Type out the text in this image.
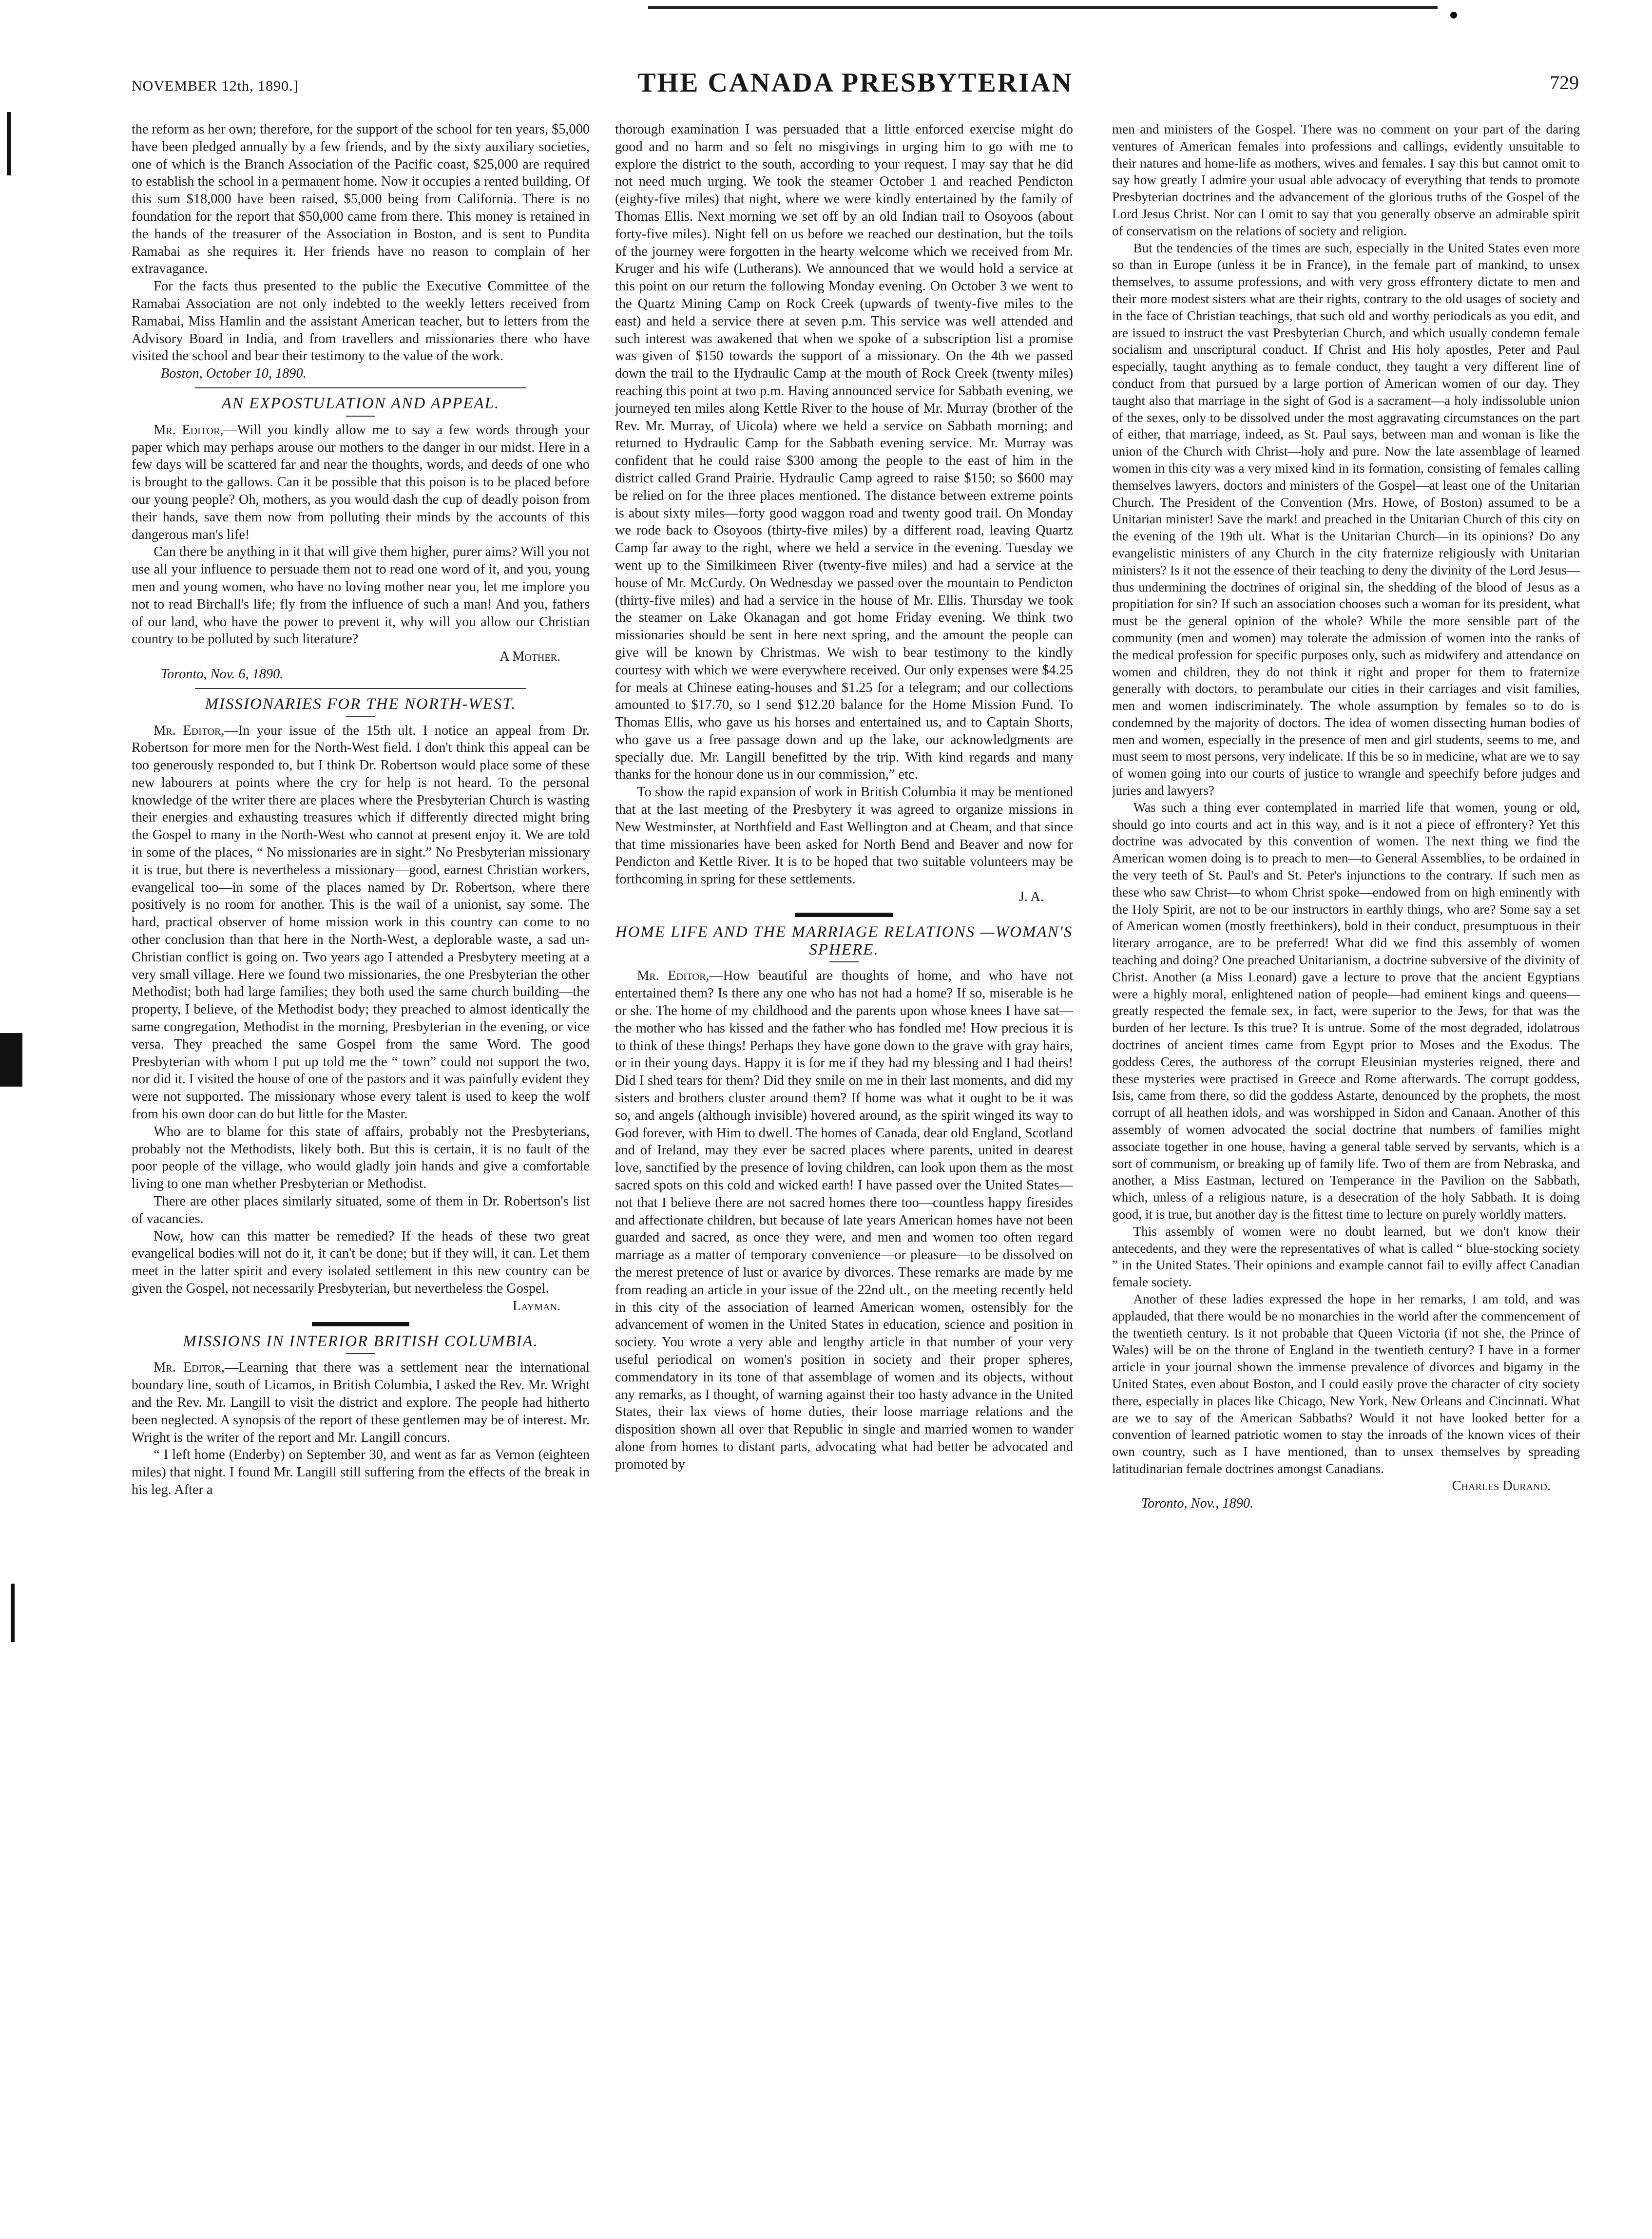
NOVEMBER 12th, 1890.]	THE CANADA PRESBYTERIAN	729

the reform as her own; therefore, for the support of the school for ten years, $5,000 have been pledged annually by a few friends, and by the sixty auxiliary societies, one of which is the Branch Association of the Pacific coast, $25,000 are required to establish the school in a permanent home. Now it occupies a rented building. Of this sum $18,000 have been raised, $5,000 being from California. There is no foundation for the report that $50,000 came from there. This money is retained in the hands of the treasurer of the Association in Boston, and is sent to Pundita Ramabai as she requires it. Her friends have no reason to complain of her extravagance.

For the facts thus presented to the public the Executive Committee of the Ramabai Association are not only indebted to the weekly letters received from Ramabai, Miss Hamlin and the assistant American teacher, but to letters from the Advisory Board in India, and from travellers and missionaries there who have visited the school and bear their testimony to the value of the work.

Boston, October 10, 1890.

AN EXPOSTULATION AND APPEAL.

Mr. Editor,—Will you kindly allow me to say a few words through your paper which may perhaps arouse our mothers to the danger in our midst. Here in a few days will be scattered far and near the thoughts, words, and deeds of one who is brought to the gallows. Can it be possible that this poison is to be placed before our young people? Oh, mothers, as you would dash the cup of deadly poison from their hands, save them now from polluting their minds by the accounts of this dangerous man's life!

Can there be anything in it that will give them higher, purer aims? Will you not use all your influence to persuade them not to read one word of it, and you, young men and young women, who have no loving mother near you, let me implore you not to read Birchall's life; fly from the influence of such a man! And you, fathers of our land, who have the power to prevent it, why will you allow our Christian country to be polluted by such literature?

A Mother.

Toronto, Nov. 6, 1890.

MISSIONARIES FOR THE NORTH-WEST.

Mr. Editor,—In your issue of the 15th ult. I notice an appeal from Dr. Robertson for more men for the North-West field. I don't think this appeal can be too generously responded to, but I think Dr. Robertson would place some of these new labourers at points where the cry for help is not heard. To the personal knowledge of the writer there are places where the Presbyterian Church is wasting their energies and exhausting treasures which if differently directed might bring the Gospel to many in the North-West who cannot at present enjoy it. We are told in some of the places, “ No missionaries are in sight.” No Presbyterian missionary it is true, but there is nevertheless a missionary—good, earnest Christian workers, evangelical too—in some of the places named by Dr. Robertson, where there positively is no room for another. This is the wail of a unionist, say some. The hard, practical observer of home mission work in this country can come to no other conclusion than that here in the North-West, a deplorable waste, a sad un-Christian conflict is going on. Two years ago I attended a Presbytery meeting at a very small village. Here we found two missionaries, the one Presbyterian the other Methodist; both had large families; they both used the same church building—the property, I believe, of the Methodist body; they preached to almost identically the same congregation, Methodist in the morning, Presbyterian in the evening, or vice versa. They preached the same Gospel from the same Word. The good Presbyterian with whom I put up told me the “ town” could not support the two, nor did it. I visited the house of one of the pastors and it was painfully evident they were not supported. The missionary whose every talent is used to keep the wolf from his own door can do but little for the Master.

Who are to blame for this state of affairs, probably not the Presbyterians, probably not the Methodists, likely both. But this is certain, it is no fault of the poor people of the village, who would gladly join hands and give a comfortable living to one man whether Presbyterian or Methodist.

There are other places similarly situated, some of them in Dr. Robertson's list of vacancies.

Now, how can this matter be remedied? If the heads of these two great evangelical bodies will not do it, it can't be done; but if they will, it can. Let them meet in the latter spirit and every isolated settlement in this new country can be given the Gospel, not necessarily Presbyterian, but nevertheless the Gospel.

Layman.

MISSIONS IN INTERIOR BRITISH COLUMBIA.

Mr. Editor,—Learning that there was a settlement near the international boundary line, south of Licamos, in British Columbia, I asked the Rev. Mr. Wright and the Rev. Mr. Langill to visit the district and explore. The people had hitherto been neglected. A synopsis of the report of these gentlemen may be of interest. Mr. Wright is the writer of the report and Mr. Langill concurs.

“ I left home (Enderby) on September 30, and went as far as Vernon (eighteen miles) that night. I found Mr. Langill still suffering from the effects of the break in his leg. After a

thorough examination I was persuaded that a little enforced exercise might do good and no harm and so felt no misgivings in urging him to go with me to explore the district to the south, according to your request. I may say that he did not need much urging. We took the steamer October 1 and reached Pendicton (eighty-five miles) that night, where we were kindly entertained by the family of Thomas Ellis. Next morning we set off by an old Indian trail to Osoyoos (about forty-five miles). Night fell on us before we reached our destination, but the toils of the journey were forgotten in the hearty welcome which we received from Mr. Kruger and his wife (Lutherans). We announced that we would hold a service at this point on our return the following Monday evening. On October 3 we went to the Quartz Mining Camp on Rock Creek (upwards of twenty-five miles to the east) and held a service there at seven p.m. This service was well attended and such interest was awakened that when we spoke of a subscription list a promise was given of $150 towards the support of a missionary. On the 4th we passed down the trail to the Hydraulic Camp at the mouth of Rock Creek (twenty miles) reaching this point at two p.m. Having announced service for Sabbath evening, we journeyed ten miles along Kettle River to the house of Mr. Murray (brother of the Rev. Mr. Murray, of Uicola) where we held a service on Sabbath morning; and returned to Hydraulic Camp for the Sabbath evening service. Mr. Murray was confident that he could raise $300 among the people to the east of him in the district called Grand Prairie. Hydraulic Camp agreed to raise $150; so $600 may be relied on for the three places mentioned. The distance between extreme points is about sixty miles—forty good waggon road and twenty good trail. On Monday we rode back to Osoyoos (thirty-five miles) by a different road, leaving Quartz Camp far away to the right, where we held a service in the evening. Tuesday we went up to the Similkimeen River (twenty-five miles) and had a service at the house of Mr. McCurdy. On Wednesday we passed over the mountain to Pendicton (thirty-five miles) and had a service in the house of Mr. Ellis. Thursday we took the steamer on Lake Okanagan and got home Friday evening. We think two missionaries should be sent in here next spring, and the amount the people can give will be known by Christmas. We wish to bear testimony to the kindly courtesy with which we were everywhere received. Our only expenses were $4.25 for meals at Chinese eating-houses and $1.25 for a telegram; and our collections amounted to $17.70, so I send $12.20 balance for the Home Mission Fund. To Thomas Ellis, who gave us his horses and entertained us, and to Captain Shorts, who gave us a free passage down and up the lake, our acknowledgments are specially due. Mr. Langill benefitted by the trip. With kind regards and many thanks for the honour done us in our commission,” etc.

To show the rapid expansion of work in British Columbia it may be mentioned that at the last meeting of the Presbytery it was agreed to organize missions in New Westminster, at Northfield and East Wellington and at Cheam, and that since that time missionaries have been asked for North Bend and Beaver and now for Pendicton and Kettle River. It is to be hoped that two suitable volunteers may be forthcoming in spring for these settlements.

J. A.

HOME LIFE AND THE MARRIAGE RELATIONS —WOMAN'S SPHERE.

Mr. Editor,—How beautiful are thoughts of home, and who have not entertained them? Is there any one who has not had a home? If so, miserable is he or she. The home of my childhood and the parents upon whose knees I have sat—the mother who has kissed and the father who has fondled me! How precious it is to think of these things! Perhaps they have gone down to the grave with gray hairs, or in their young days. Happy it is for me if they had my blessing and I had theirs! Did I shed tears for them? Did they smile on me in their last moments, and did my sisters and brothers cluster around them? If home was what it ought to be it was so, and angels (although invisible) hovered around, as the spirit winged its way to God forever, with Him to dwell. The homes of Canada, dear old England, Scotland and of Ireland, may they ever be sacred places where parents, united in dearest love, sanctified by the presence of loving children, can look upon them as the most sacred spots on this cold and wicked earth! I have passed over the United States—not that I believe there are not sacred homes there too—countless happy firesides and affectionate children, but because of late years American homes have not been guarded and sacred, as once they were, and men and women too often regard marriage as a matter of temporary convenience—or pleasure—to be dissolved on the merest pretence of lust or avarice by divorces. These remarks are made by me from reading an article in your issue of the 22nd ult., on the meeting recently held in this city of the association of learned American women, ostensibly for the advancement of women in the United States in education, science and position in society. You wrote a very able and lengthy article in that number of your very useful periodical on women's position in society and their proper spheres, commendatory in its tone of that assemblage of women and its objects, without any remarks, as I thought, of warning against their too hasty advance in the United States, their lax views of home duties, their loose marriage relations and the disposition shown all over that Republic in single and married women to wander alone from homes to distant parts, advocating what had better be advocated and promoted by

men and ministers of the Gospel. There was no comment on your part of the daring ventures of American females into professions and callings, evidently unsuitable to their natures and home-life as mothers, wives and females. I say this but cannot omit to say how greatly I admire your usual able advocacy of everything that tends to promote Presbyterian doctrines and the advancement of the glorious truths of the Gospel of the Lord Jesus Christ. Nor can I omit to say that you generally observe an admirable spirit of conservatism on the relations of society and religion.

But the tendencies of the times are such, especially in the United States even more so than in Europe (unless it be in France), in the female part of mankind, to unsex themselves, to assume professions, and with very gross effrontery dictate to men and their more modest sisters what are their rights, contrary to the old usages of society and in the face of Christian teachings, that such old and worthy periodicals as you edit, and are issued to instruct the vast Presbyterian Church, and which usually condemn female socialism and unscriptural conduct. If Christ and His holy apostles, Peter and Paul especially, taught anything as to female conduct, they taught a very different line of conduct from that pursued by a large portion of American women of our day. They taught also that marriage in the sight of God is a sacrament—a holy indissoluble union of the sexes, only to be dissolved under the most aggravating circumstances on the part of either, that marriage, indeed, as St. Paul says, between man and woman is like the union of the Church with Christ—holy and pure. Now the late assemblage of learned women in this city was a very mixed kind in its formation, consisting of females calling themselves lawyers, doctors and ministers of the Gospel—at least one of the Unitarian Church. The President of the Convention (Mrs. Howe, of Boston) assumed to be a Unitarian minister! Save the mark! and preached in the Unitarian Church of this city on the evening of the 19th ult. What is the Unitarian Church—in its opinions? Do any evangelistic ministers of any Church in the city fraternize religiously with Unitarian ministers? Is it not the essence of their teaching to deny the divinity of the Lord Jesus—thus undermining the doctrines of original sin, the shedding of the blood of Jesus as a propitiation for sin? If such an association chooses such a woman for its president, what must be the general opinion of the whole? While the more sensible part of the community (men and women) may tolerate the admission of women into the ranks of the medical profession for specific purposes only, such as midwifery and attendance on women and children, they do not think it right and proper for them to fraternize generally with doctors, to perambulate our cities in their carriages and visit families, men and women indiscriminately. The whole assumption by females so to do is condemned by the majority of doctors. The idea of women dissecting human bodies of men and women, especially in the presence of men and girl students, seems to me, and must seem to most persons, very indelicate. If this be so in medicine, what are we to say of women going into our courts of justice to wrangle and speechify before judges and juries and lawyers?

Was such a thing ever contemplated in married life that women, young or old, should go into courts and act in this way, and is it not a piece of effrontery? Yet this doctrine was advocated by this convention of women. The next thing we find the American women doing is to preach to men—to General Assemblies, to be ordained in the very teeth of St. Paul's and St. Peter's injunctions to the contrary. If such men as these who saw Christ—to whom Christ spoke—endowed from on high eminently with the Holy Spirit, are not to be our instructors in earthly things, who are? Some say a set of American women (mostly freethinkers), bold in their conduct, presumptuous in their literary arrogance, are to be preferred! What did we find this assembly of women teaching and doing? One preached Unitarianism, a doctrine subversive of the divinity of Christ. Another (a Miss Leonard) gave a lecture to prove that the ancient Egyptians were a highly moral, enlightened nation of people—had eminent kings and queens—greatly respected the female sex, in fact, were superior to the Jews, for that was the burden of her lecture. Is this true? It is untrue. Some of the most degraded, idolatrous doctrines of ancient times came from Egypt prior to Moses and the Exodus. The goddess Ceres, the authoress of the corrupt Eleusinian mysteries reigned, there and these mysteries were practised in Greece and Rome afterwards. The corrupt goddess, Isis, came from there, so did the goddess Astarte, denounced by the prophets, the most corrupt of all heathen idols, and was worshipped in Sidon and Canaan. Another of this assembly of women advocated the social doctrine that numbers of families might associate together in one house, having a general table served by servants, which is a sort of communism, or breaking up of family life. Two of them are from Nebraska, and another, a Miss Eastman, lectured on Temperance in the Pavilion on the Sabbath, which, unless of a religious nature, is a desecration of the holy Sabbath. It is doing good, it is true, but another day is the fittest time to lecture on purely worldly matters.

This assembly of women were no doubt learned, but we don't know their antecedents, and they were the representatives of what is called “ blue-stocking society ” in the United States. Their opinions and example cannot fail to evilly affect Canadian female society.

Another of these ladies expressed the hope in her remarks, I am told, and was applauded, that there would be no monarchies in the world after the commencement of the twentieth century. Is it not probable that Queen Victoria (if not she, the Prince of Wales) will be on the throne of England in the twentieth century? I have in a former article in your journal shown the immense prevalence of divorces and bigamy in the United States, even about Boston, and I could easily prove the character of city society there, especially in places like Chicago, New York, New Orleans and Cincinnati. What are we to say of the American Sabbaths? Would it not have looked better for a convention of learned patriotic women to stay the inroads of the known vices of their own country, such as I have mentioned, than to unsex themselves by spreading latitudinarian female doctrines amongst Canadians.

Charles Durand.

Toronto, Nov., 1890.
